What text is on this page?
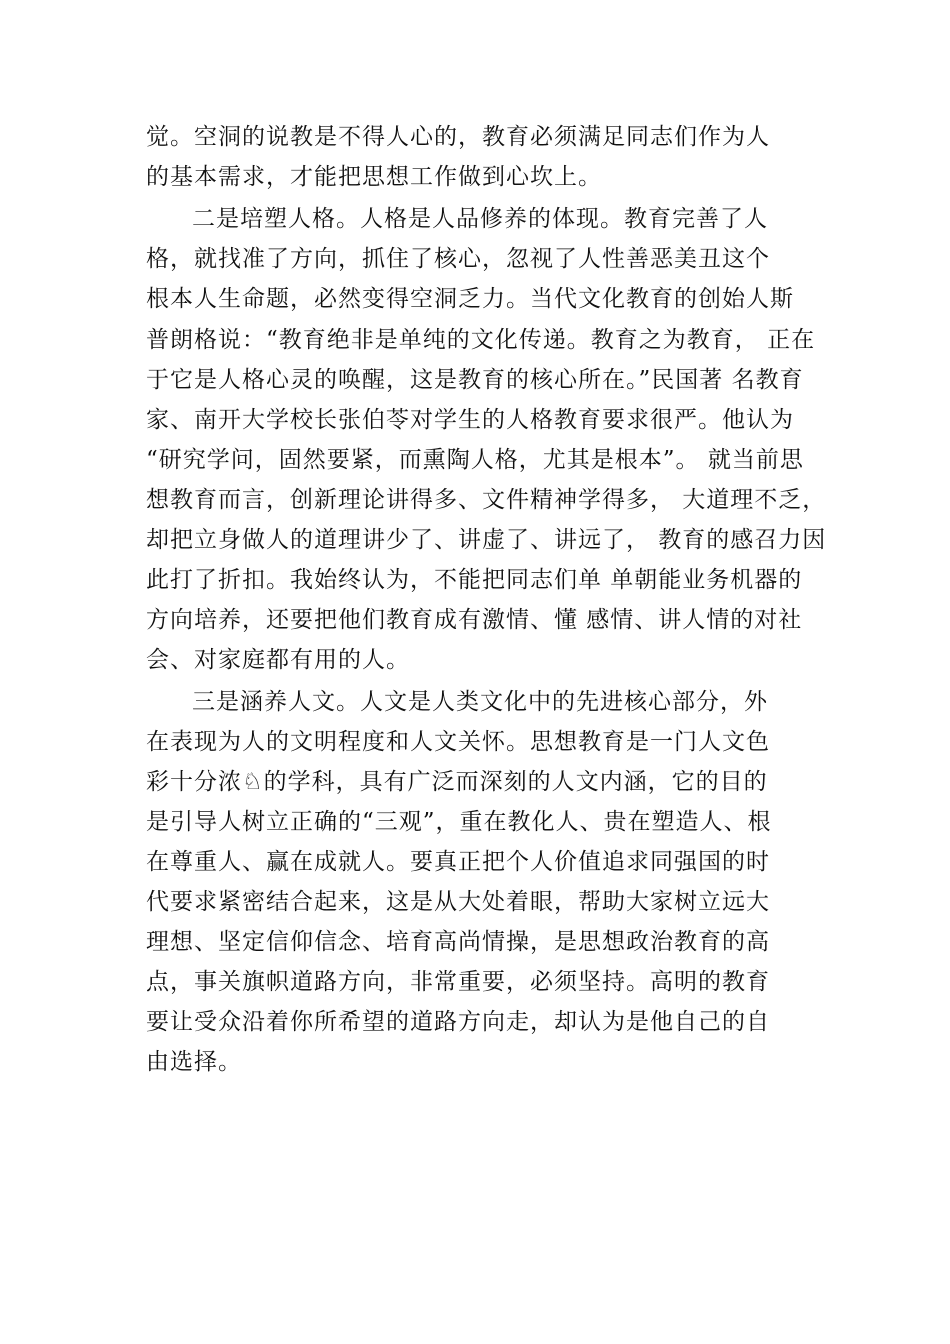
觉。空洞的说教是不得人心的，教育必须满足同志们作为人
的基本需求，才能把思想工作做到心坎上。
二是培塑人格。人格是人品修养的体现。教育完善了人
格，就找准了方向，抓住了核心，忽视了人性善恶美丑这个
根本人生命题，必然变得空洞乏力。当代文化教育的创始人斯
普朗格说：“教育绝非是单纯的文化传递。教育之为教育， 正在
于它是人格心灵的唤醒，这是教育的核心所在。”民国著 名教育
家、南开大学校长张伯苓对学生的人格教育要求很严。他认为
“研究学问，固然要紧，而熏陶人格，尤其是根本”。 就当前思
想教育而言，创新理论讲得多、文件精神学得多， 大道理不乏，
却把立身做人的道理讲少了、讲虚了、讲远了， 教育的感召力因
此打了折扣。我始终认为，不能把同志们单 单朝能业务机器的
方向培养，还要把他们教育成有激情、懂 感情、讲人情的对社
会、对家庭都有用的人。
三是涵养人文。人文是人类文化中的先进核心部分，外
在表现为人的文明程度和人文关怀。思想教育是一门人文色
彩十分浓♘的学科，具有广泛而深刻的人文内涵，它的目的
是引导人树立正确的“三观”，重在教化人、贵在塑造人、根
在尊重人、赢在成就人。要真正把个人价值追求同强国的时
代要求紧密结合起来，这是从大处着眼，帮助大家树立远大
理想、坚定信仰信念、培育高尚情操，是思想政治教育的高
点，事关旗帜道路方向，非常重要，必须坚持。高明的教育
要让受众沿着你所希望的道路方向走，却认为是他自己的自
由选择。
